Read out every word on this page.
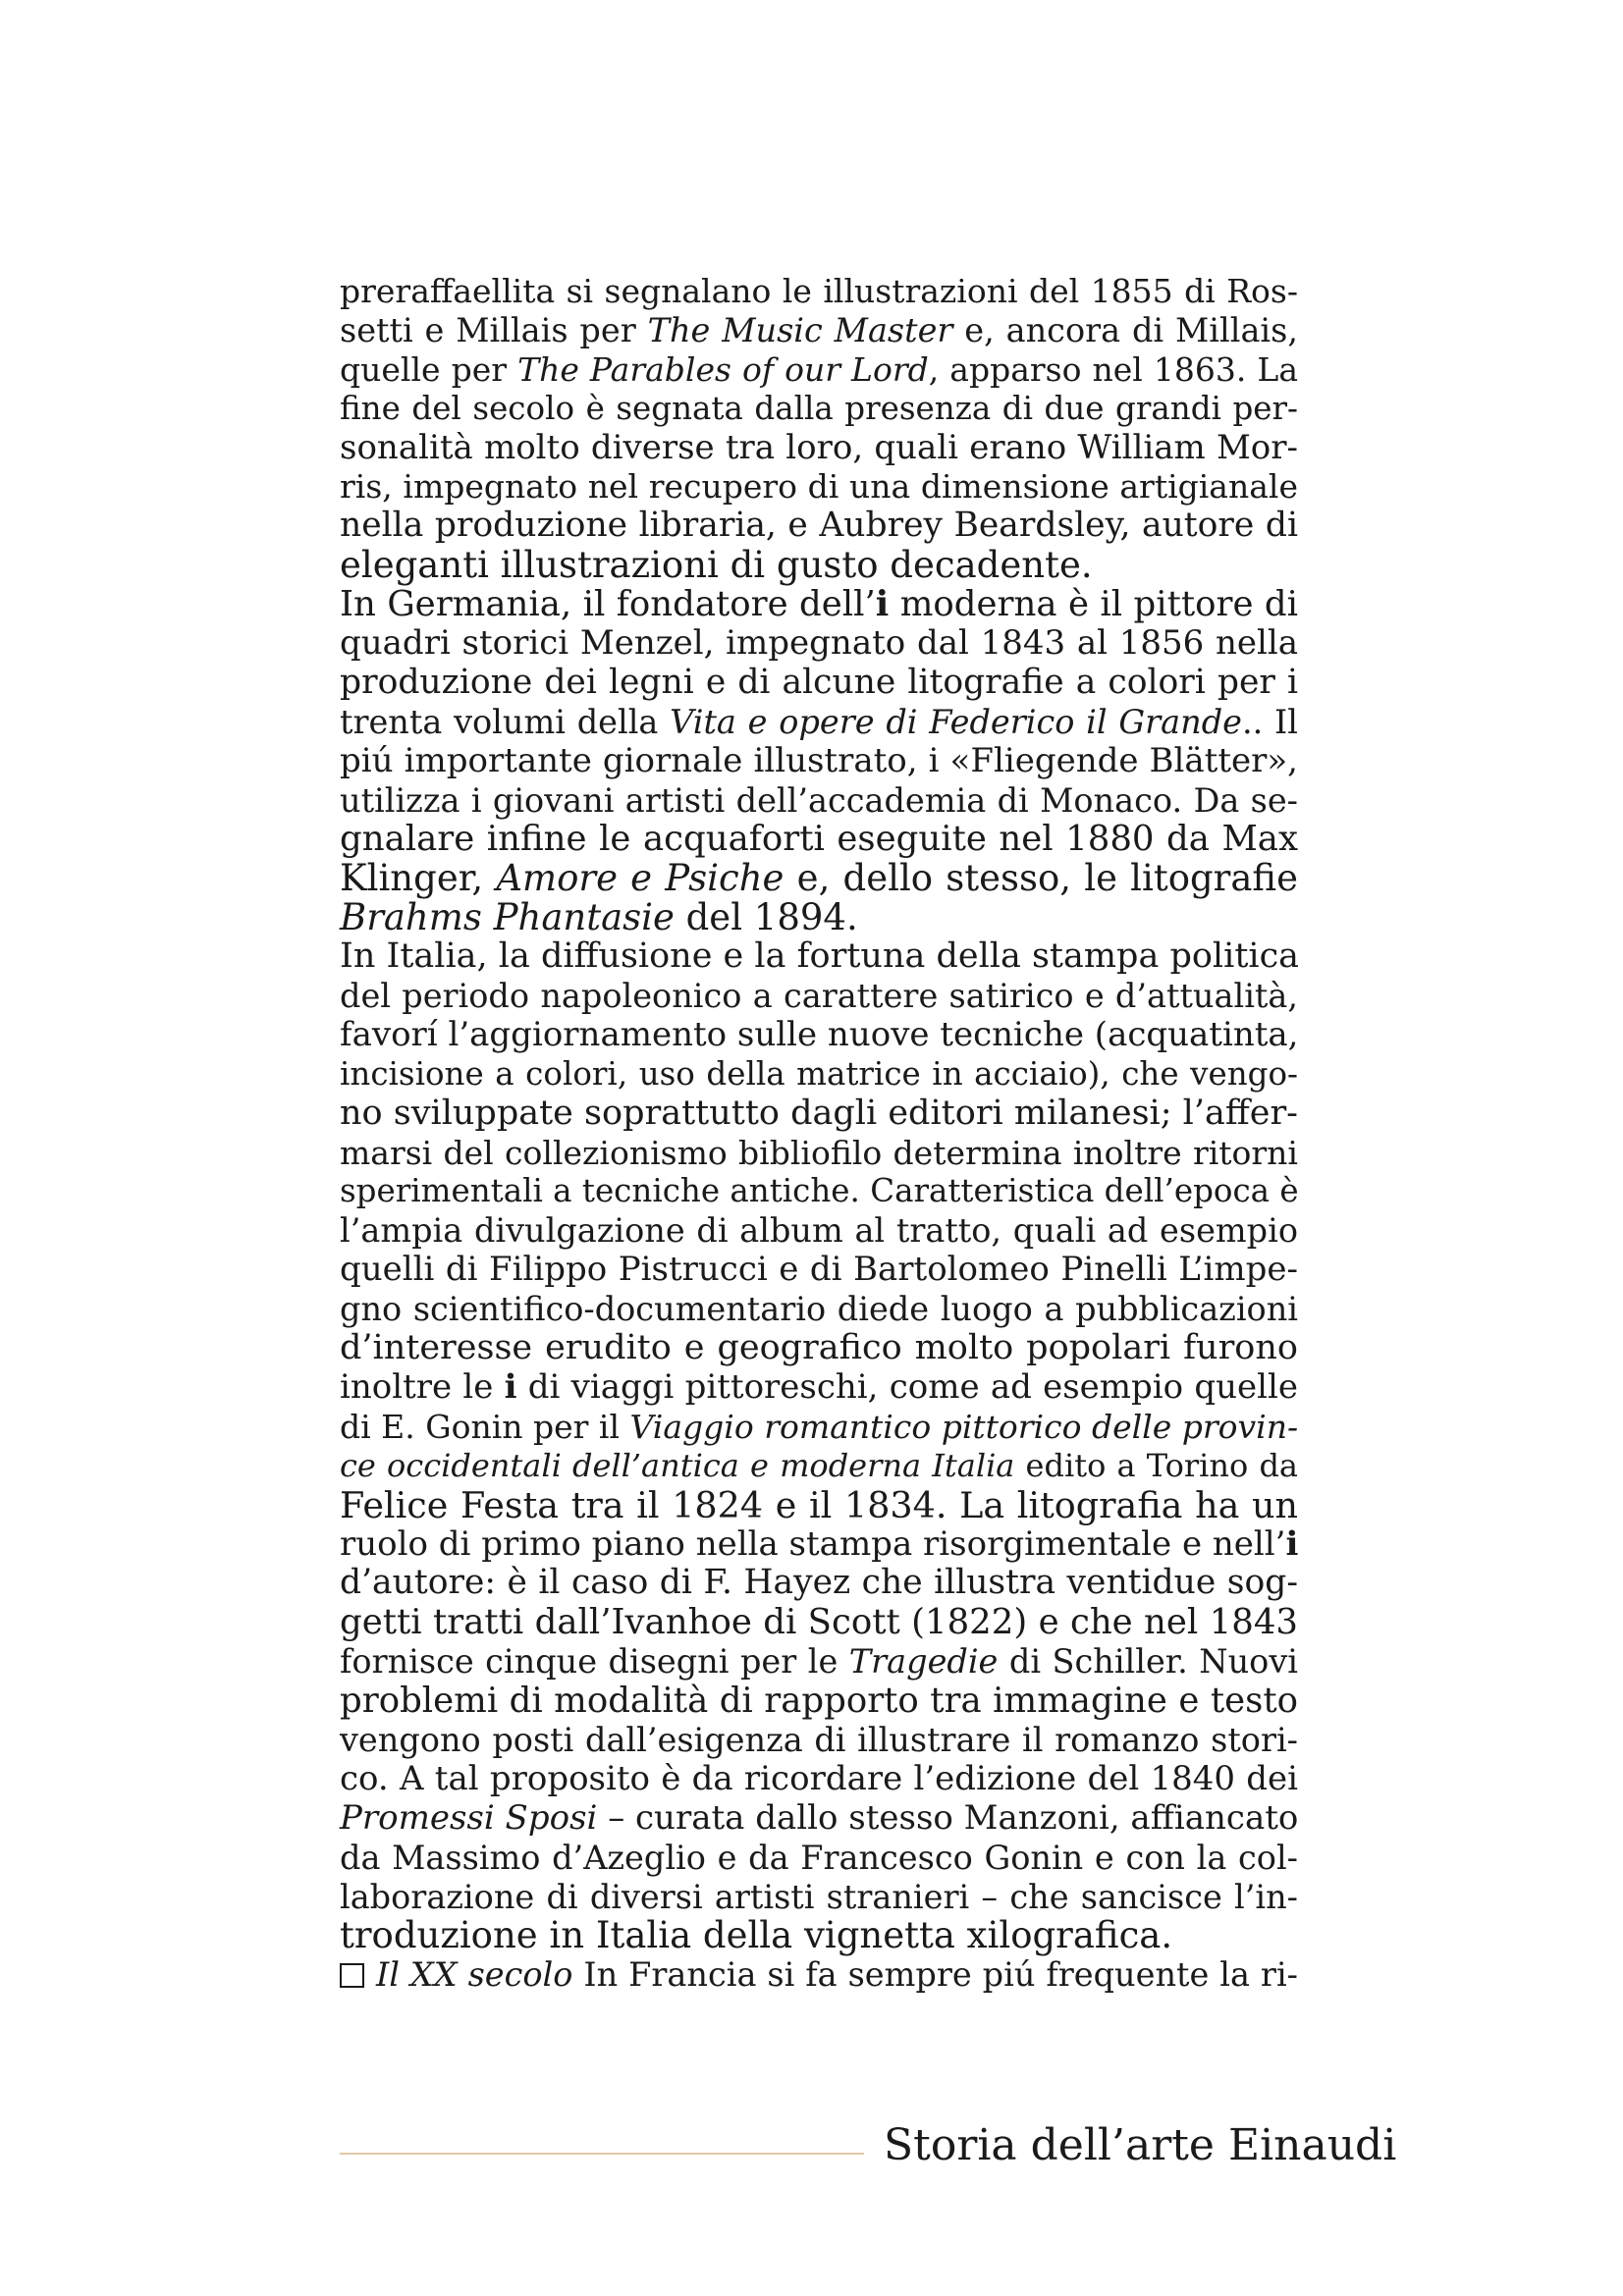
preraffaellita si segnalano le illustrazioni del 1855 di Ros-
setti e Millais per The Music Master e, ancora di Millais,
quelle per The Parables of our Lord, apparso nel 1863. La
fine del secolo è segnata dalla presenza di due grandi per-
sonalità molto diverse tra loro, quali erano William Mor-
ris, impegnato nel recupero di una dimensione artigianale
nella produzione libraria, e Aubrey Beardsley, autore di
eleganti illustrazioni di gusto decadente.
In Germania, il fondatore dell’i moderna è il pittore di
quadri storici Menzel, impegnato dal 1843 al 1856 nella
produzione dei legni e di alcune litografie a colori per i
trenta volumi della Vita e opere di Federico il Grande.. Il
piú importante giornale illustrato, i «Fliegende Blätter»,
utilizza i giovani artisti dell’accademia di Monaco. Da se-
gnalare infine le acquaforti eseguite nel 1880 da Max
Klinger, Amore e Psiche e, dello stesso, le litografie
Brahms Phantasie del 1894.
In Italia, la diffusione e la fortuna della stampa politica
del periodo napoleonico a carattere satirico e d’attualità,
favorí l’aggiornamento sulle nuove tecniche (acquatinta,
incisione a colori, uso della matrice in acciaio), che vengo-
no sviluppate soprattutto dagli editori milanesi; l’affer-
marsi del collezionismo bibliofilo determina inoltre ritorni
sperimentali a tecniche antiche. Caratteristica dell’epoca è
l’ampia divulgazione di album al tratto, quali ad esempio
quelli di Filippo Pistrucci e di Bartolomeo Pinelli L’impe-
gno scientifico-documentario diede luogo a pubblicazioni
d’interesse erudito e geografico molto popolari furono
inoltre le i di viaggi pittoreschi, come ad esempio quelle
di E. Gonin per il Viaggio romantico pittorico delle provin-
ce occidentali dell’antica e moderna Italia edito a Torino da
Felice Festa tra il 1824 e il 1834. La litografia ha un
ruolo di primo piano nella stampa risorgimentale e nell’i
d’autore: è il caso di F. Hayez che illustra ventidue sog-
getti tratti dall’Ivanhoe di Scott (1822) e che nel 1843
fornisce cinque disegni per le Tragedie di Schiller. Nuovi
problemi di modalità di rapporto tra immagine e testo
vengono posti dall’esigenza di illustrare il romanzo stori-
co. A tal proposito è da ricordare l’edizione del 1840 dei
Promessi Sposi – curata dallo stesso Manzoni, affiancato
da Massimo d’Azeglio e da Francesco Gonin e con la col-
laborazione di diversi artisti stranieri – che sancisce l’in-
troduzione in Italia della vignetta xilografica.
Il XX secolo In Francia si fa sempre piú frequente la ri-
Storia dell’arte Einaudi
